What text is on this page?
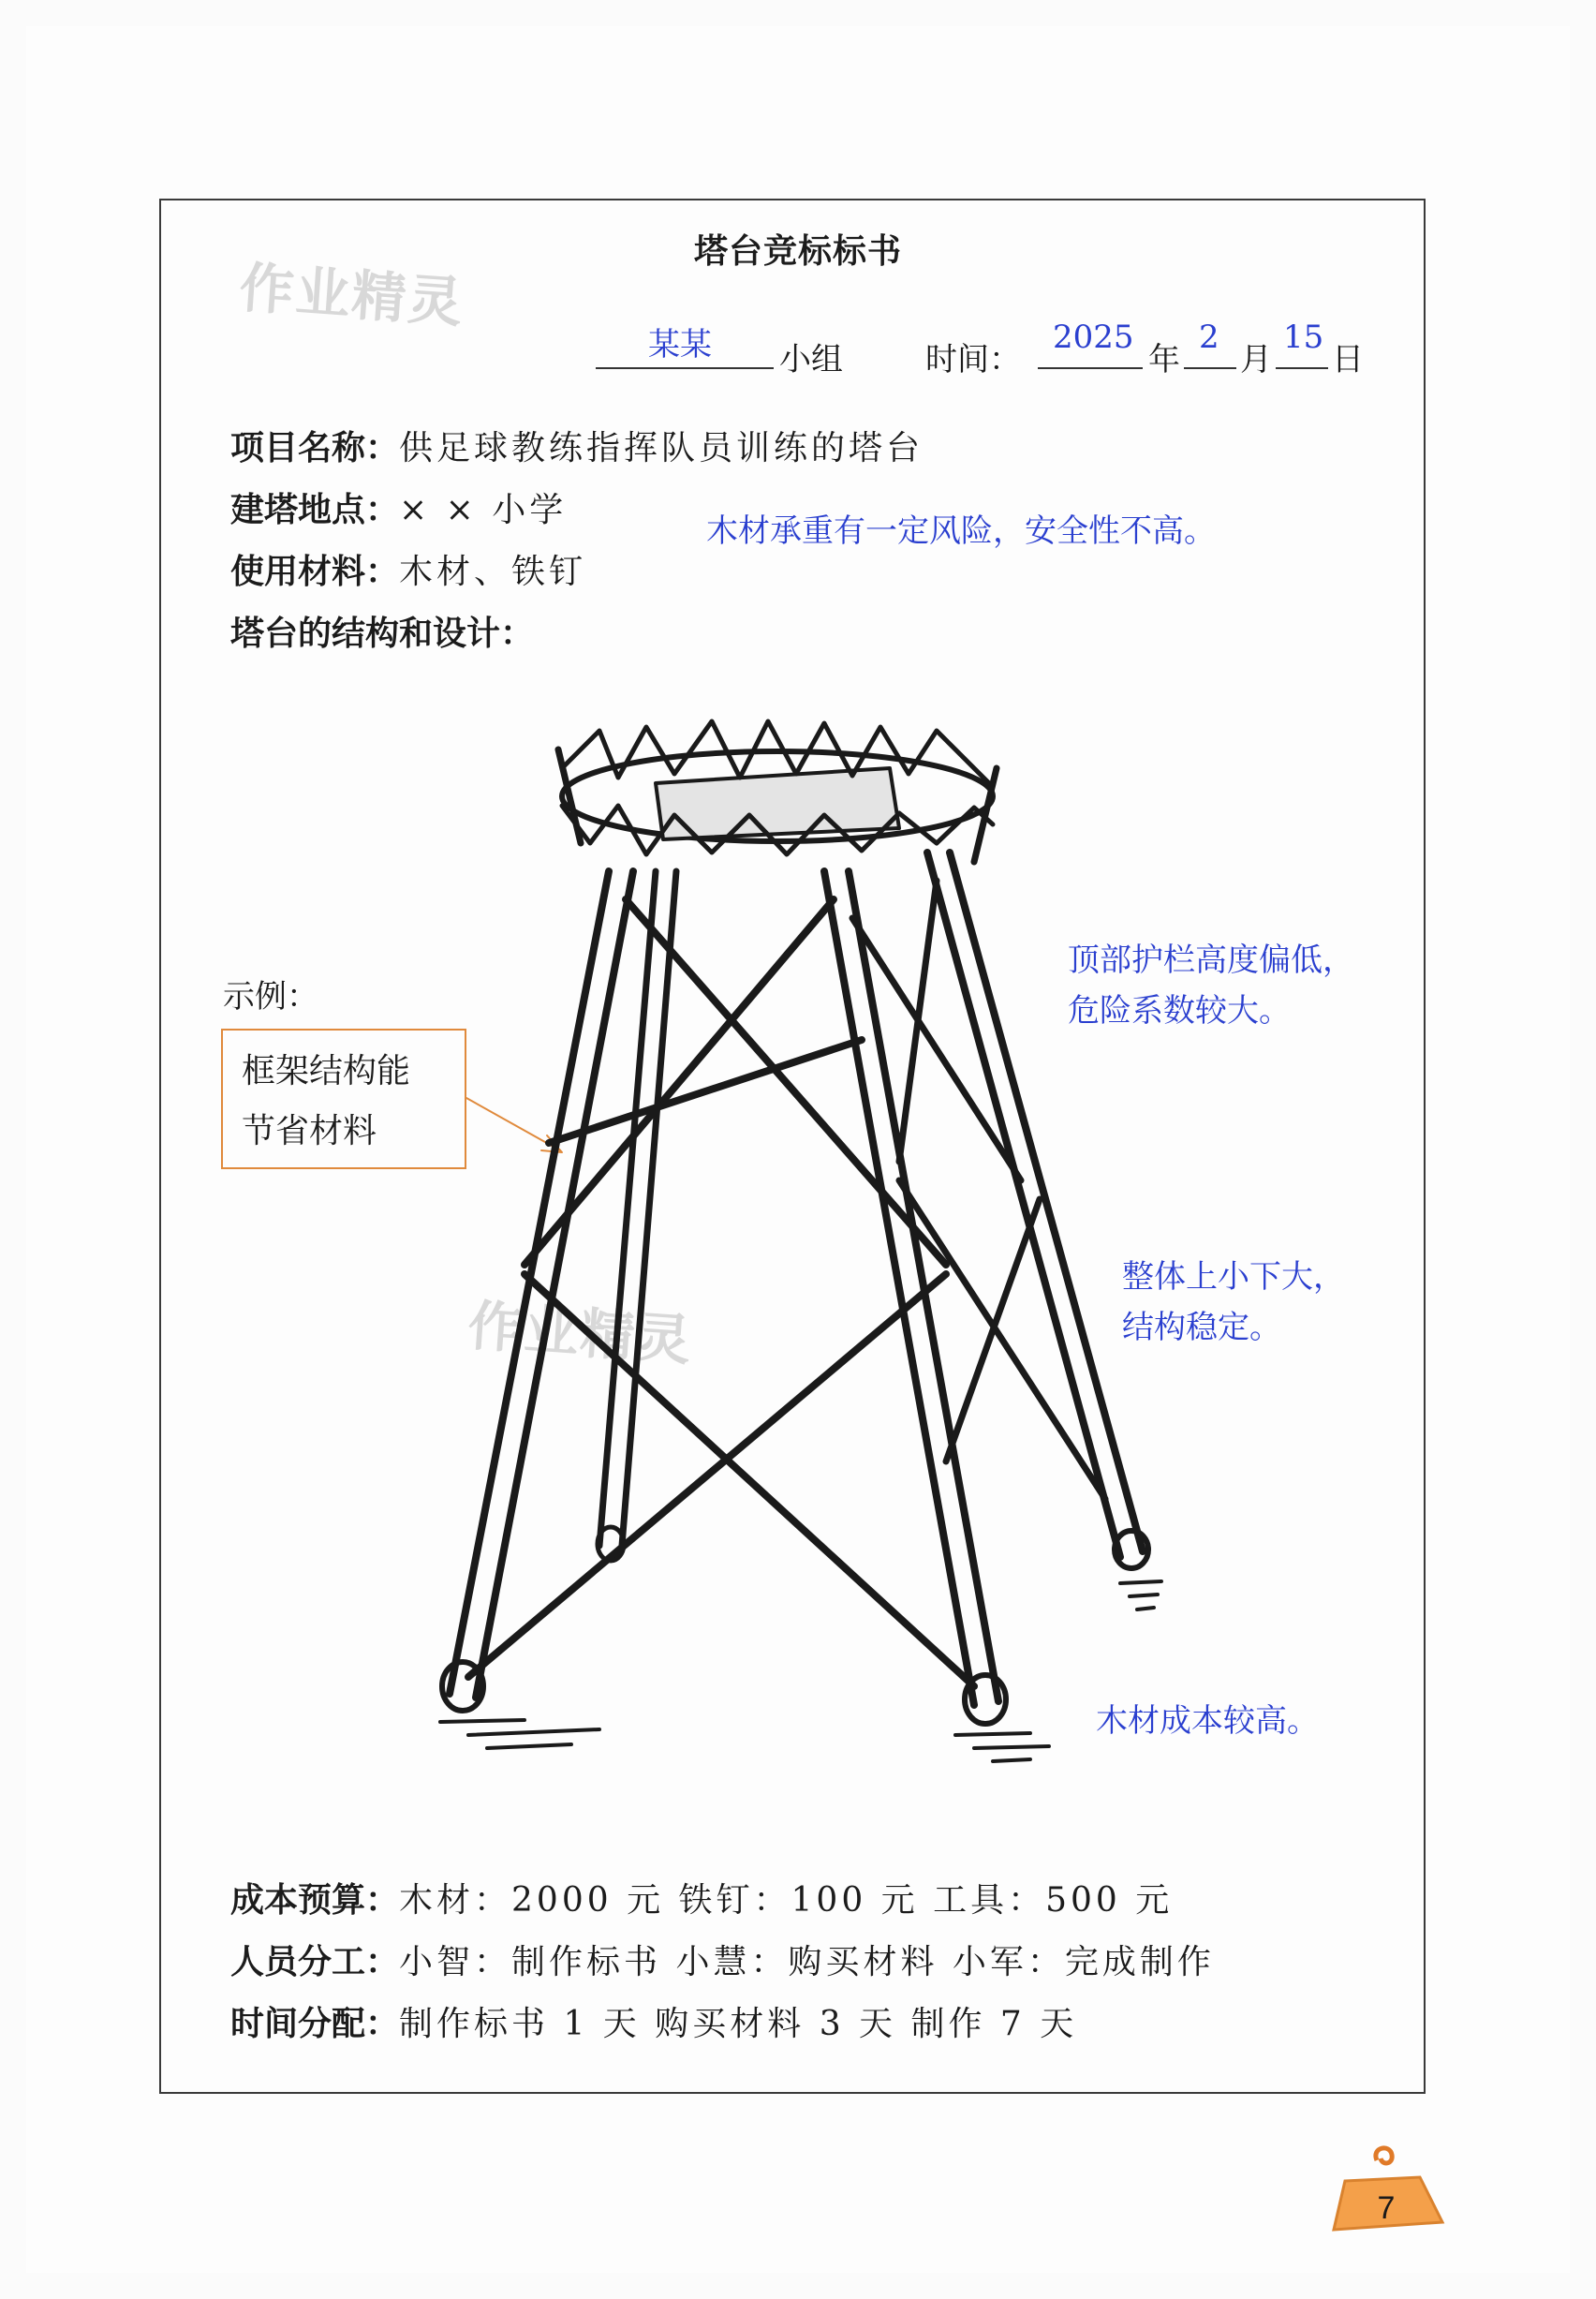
作业精灵
作业精灵
塔台竞标标书
某某 小组	时间：
2025
年
2
月
15
日
项目名称：供足球教练指挥队员训练的塔台
建塔地点：× × 小学
使用材料：木材、铁钉
塔台的结构和设计：
木材承重有一定风险，安全性不高。
顶部护栏高度偏低，
危险系数较大。
整体上小下大，
结构稳定。
木材成本较高。
示例：
框架结构能
节省材料
成本预算：木材：2000 元 铁钉：100 元 工具：500 元
人员分工：小智：制作标书 小慧：购买材料 小军：完成制作
时间分配：制作标书 1 天 购买材料 3 天 制作 7 天
7
